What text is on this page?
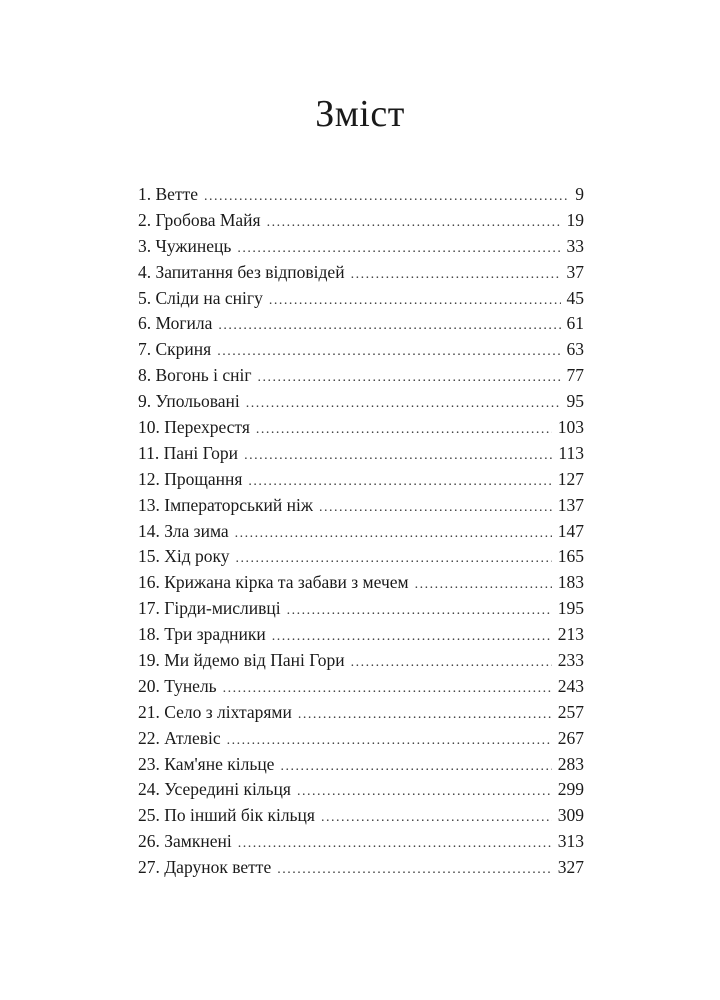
Зміст
1. Ветте .....	9
2. Гробова Майя .....	19
3. Чужинець .....	33
4. Запитання без відповідей .....	37
5. Сліди на снігу .....	45
6. Могила .....	61
7. Скриня .....	63
8. Вогонь і сніг .....	77
9. Упольовані .....	95
10. Перехрестя .....	103
11. Пані Гори .....	113
12. Прощання .....	127
13. Імператорський ніж .....	137
14. Зла зима .....	147
15. Хід року .....	165
16. Крижана кірка та забави з мечем .....	183
17. Гірди-мисливці .....	195
18. Три зрадники .....	213
19. Ми йдемо від Пані Гори .....	233
20. Тунель .....	243
21. Село з ліхтарями .....	257
22. Атлевіс .....	267
23. Кам'яне кільце .....	283
24. Усередині кільця .....	299
25. По інший бік кільця .....	309
26. Замкнені .....	313
27. Дарунок ветте .....	327
